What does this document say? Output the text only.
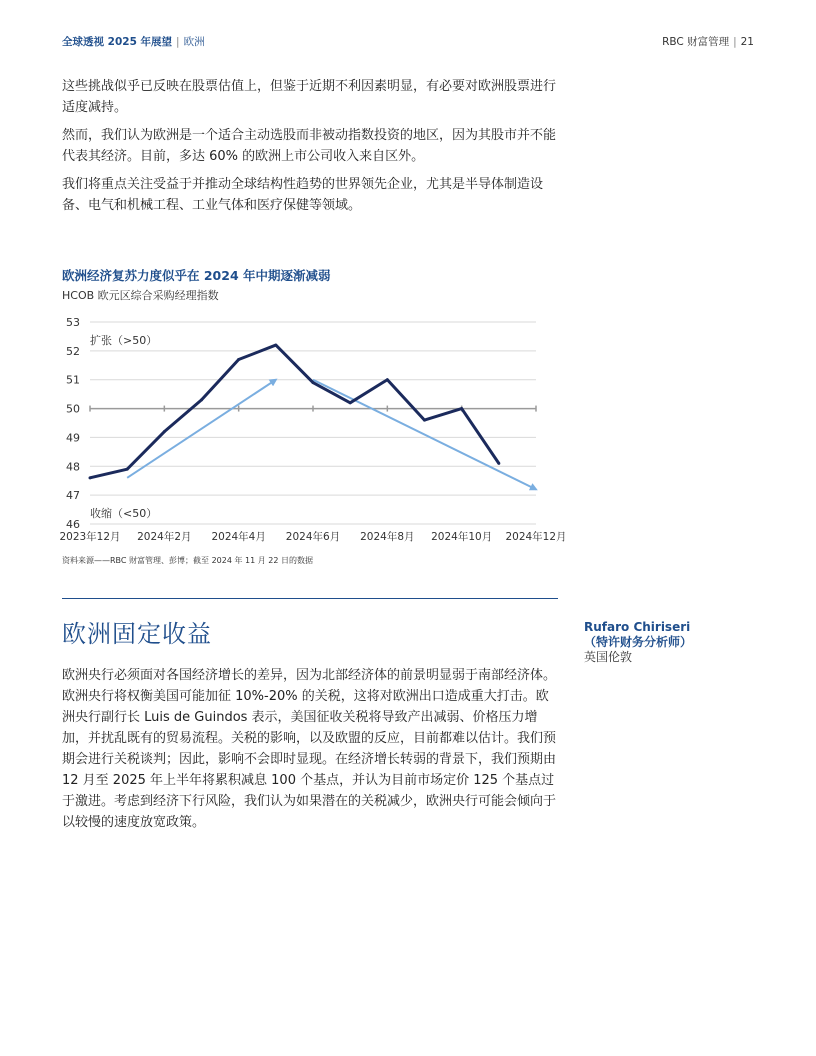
全球透视 2025 年展望 | 欧洲	RBC 财富管理 | 21

这些挑战似乎已反映在股票估值上，但鉴于近期不利因素明显，有必要对欧洲股票进行适度减持。

然而，我们认为欧洲是一个适合主动选股而非被动指数投资的地区，因为其股市并不能代表其经济。目前，多达 60% 的欧洲上市公司收入来自区外。

我们将重点关注受益于并推动全球结构性趋势的世界领先企业，尤其是半导体制造设备、电气和机械工程、工业气体和医疗保健等领域。

欧洲经济复苏力度似乎在 2024 年中期逐渐减弱
HCOB 欧元区综合采购经理指数
46
47
48
49
50
51
52
53
2023年12月 2024年2月 2024年4月 2024年6月 2024年8月 2024年10月 2024年12月
扩张（>50）
收缩（<50）
资料来源——RBC 财富管理、彭博；截至 2024 年 11 月 22 日的数据
欧洲固定收益	Rufaro Chiriseri
（特许财务分析师）
英国伦敦

欧洲央行必须面对各国经济增长的差异，因为北部经济体的前景明显弱于南部经济体。欧洲央行将权衡美国可能加征 10%-20% 的关税，这将对欧洲出口造成重大打击。欧洲央行副行长 Luis de Guindos 表示，美国征收关税将导致产出减弱、价格压力增加，并扰乱既有的贸易流程。关税的影响，以及欧盟的反应，目前都难以估计。我们预期会进行关税谈判；因此，影响不会即时显现。在经济增长转弱的背景下，我们预期由 12 月至 2025 年上半年将累积减息 100 个基点，并认为目前市场定价 125 个基点过于激进。考虑到经济下行风险，我们认为如果潜在的关税减少，欧洲央行可能会倾向于以较慢的速度放宽政策。
